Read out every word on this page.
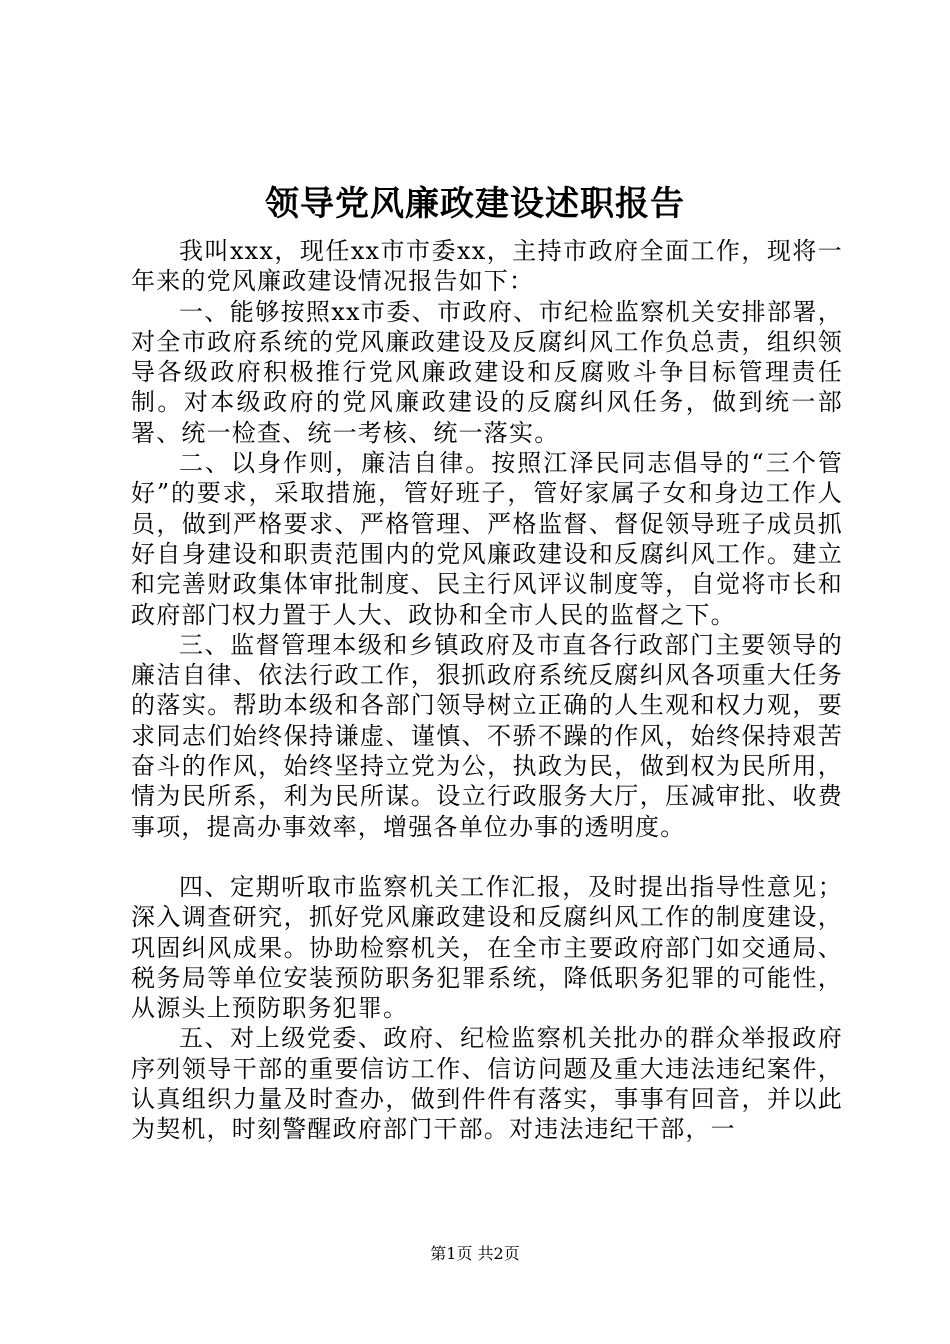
领导党风廉政建设述职报告

我叫xxx，现任xx市市委xx，主持市政府全面工作，现将一年来的党风廉政建设情况报告如下：

一、能够按照xx市委、市政府、市纪检监察机关安排部署，对全市政府系统的党风廉政建设及反腐纠风工作负总责，组织领导各级政府积极推行党风廉政建设和反腐败斗争目标管理责任制。对本级政府的党风廉政建设的反腐纠风任务，做到统一部署、统一检查、统一考核、统一落实。

二、以身作则，廉洁自律。按照江泽民同志倡导的“三个管好”的要求，采取措施，管好班子，管好家属子女和身边工作人员，做到严格要求、严格管理、严格监督、督促领导班子成员抓好自身建设和职责范围内的党风廉政建设和反腐纠风工作。建立和完善财政集体审批制度、民主行风评议制度等，自觉将市长和政府部门权力置于人大、政协和全市人民的监督之下。

三、监督管理本级和乡镇政府及市直各行政部门主要领导的廉洁自律、依法行政工作，狠抓政府系统反腐纠风各项重大任务的落实。帮助本级和各部门领导树立正确的人生观和权力观，要求同志们始终保持谦虚、谨慎、不骄不躁的作风，始终保持艰苦奋斗的作风，始终坚持立党为公，执政为民，做到权为民所用，情为民所系，利为民所谋。设立行政服务大厅，压减审批、收费事项，提高办事效率，增强各单位办事的透明度。

四、定期听取市监察机关工作汇报，及时提出指导性意见；深入调查研究，抓好党风廉政建设和反腐纠风工作的制度建设，巩固纠风成果。协助检察机关，在全市主要政府部门如交通局、税务局等单位安装预防职务犯罪系统，降低职务犯罪的可能性，从源头上预防职务犯罪。

五、对上级党委、政府、纪检监察机关批办的群众举报政府序列领导干部的重要信访工作、信访问题及重大违法违纪案件，认真组织力量及时查办，做到件件有落实，事事有回音，并以此为契机，时刻警醒政府部门干部。对违法违纪干部，一

第1页 共2页
